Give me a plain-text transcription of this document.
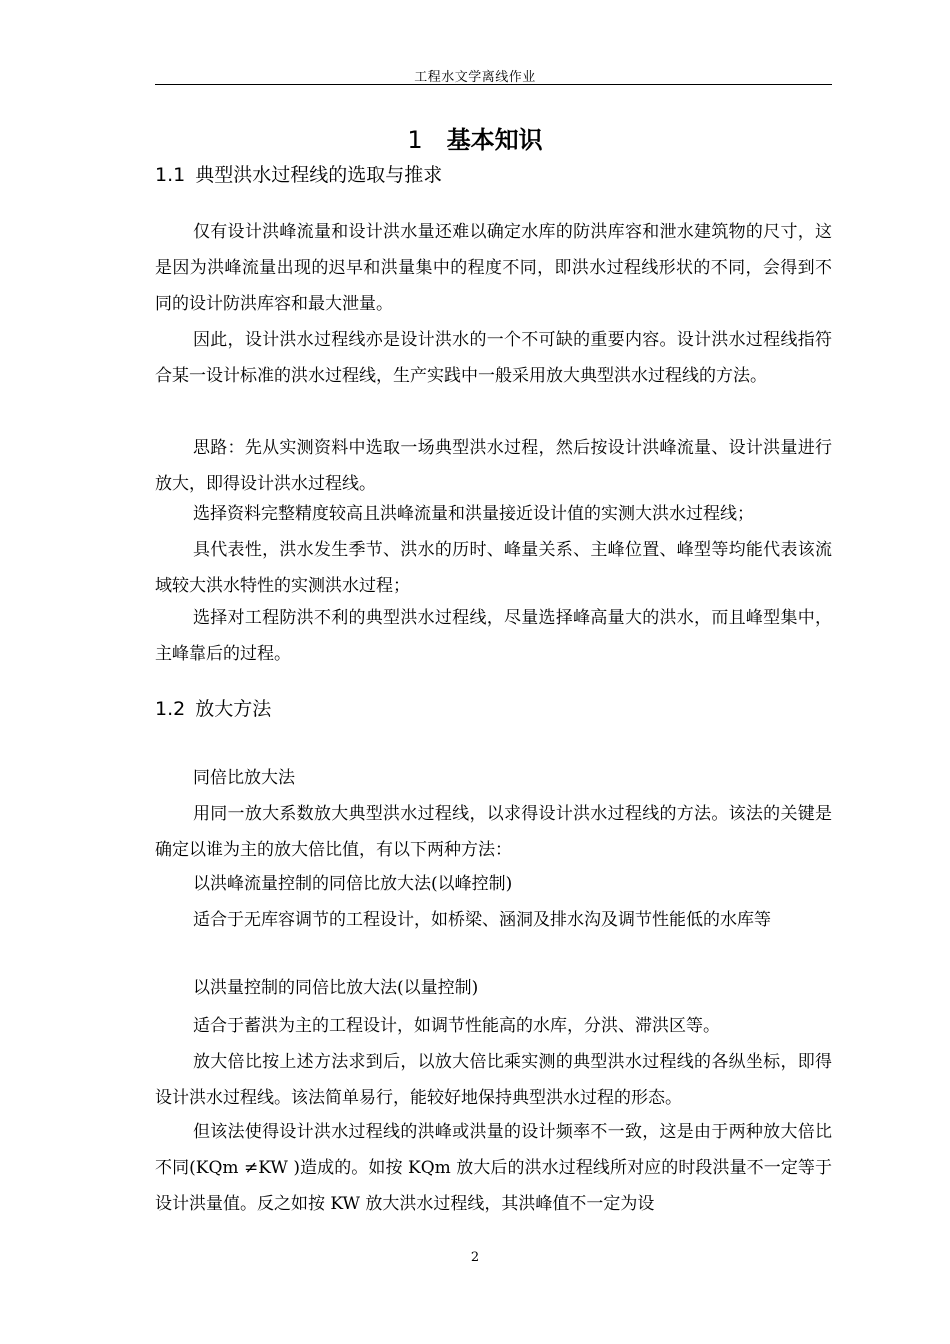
工程水文学离线作业
1 基本知识
1.1 典型洪水过程线的选取与推求

仅有设计洪峰流量和设计洪水量还难以确定水库的防洪库容和泄水建筑物的尺寸，这是因为洪峰流量出现的迟早和洪量集中的程度不同，即洪水过程线形状的不同，会得到不同的设计防洪库容和最大泄量。

因此，设计洪水过程线亦是设计洪水的一个不可缺的重要内容。设计洪水过程线指符合某一设计标准的洪水过程线，生产实践中一般采用放大典型洪水过程线的方法。

思路：先从实测资料中选取一场典型洪水过程，然后按设计洪峰流量、设计洪量进行放大，即得设计洪水过程线。

选择资料完整精度较高且洪峰流量和洪量接近设计值的实测大洪水过程线；

具代表性，洪水发生季节、洪水的历时、峰量关系、主峰位置、峰型等均能代表该流域较大洪水特性的实测洪水过程；

选择对工程防洪不利的典型洪水过程线，尽量选择峰高量大的洪水，而且峰型集中，主峰靠后的过程。

1.2 放大方法

同倍比放大法

用同一放大系数放大典型洪水过程线，以求得设计洪水过程线的方法。该法的关键是确定以谁为主的放大倍比值，有以下两种方法：

以洪峰流量控制的同倍比放大法(以峰控制)

适合于无库容调节的工程设计，如桥梁、涵洞及排水沟及调节性能低的水库等

以洪量控制的同倍比放大法(以量控制)

适合于蓄洪为主的工程设计，如调节性能高的水库，分洪、滞洪区等。

放大倍比按上述方法求到后，以放大倍比乘实测的典型洪水过程线的各纵坐标，即得设计洪水过程线。该法简单易行，能较好地保持典型洪水过程的形态。

但该法使得设计洪水过程线的洪峰或洪量的设计频率不一致，这是由于两种放大倍比不同(KQm ≠KW )造成的。如按 KQm 放大后的洪水过程线所对应的时段洪量不一定等于设计洪量值。反之如按 KW 放大洪水过程线，其洪峰值不一定为设

2
